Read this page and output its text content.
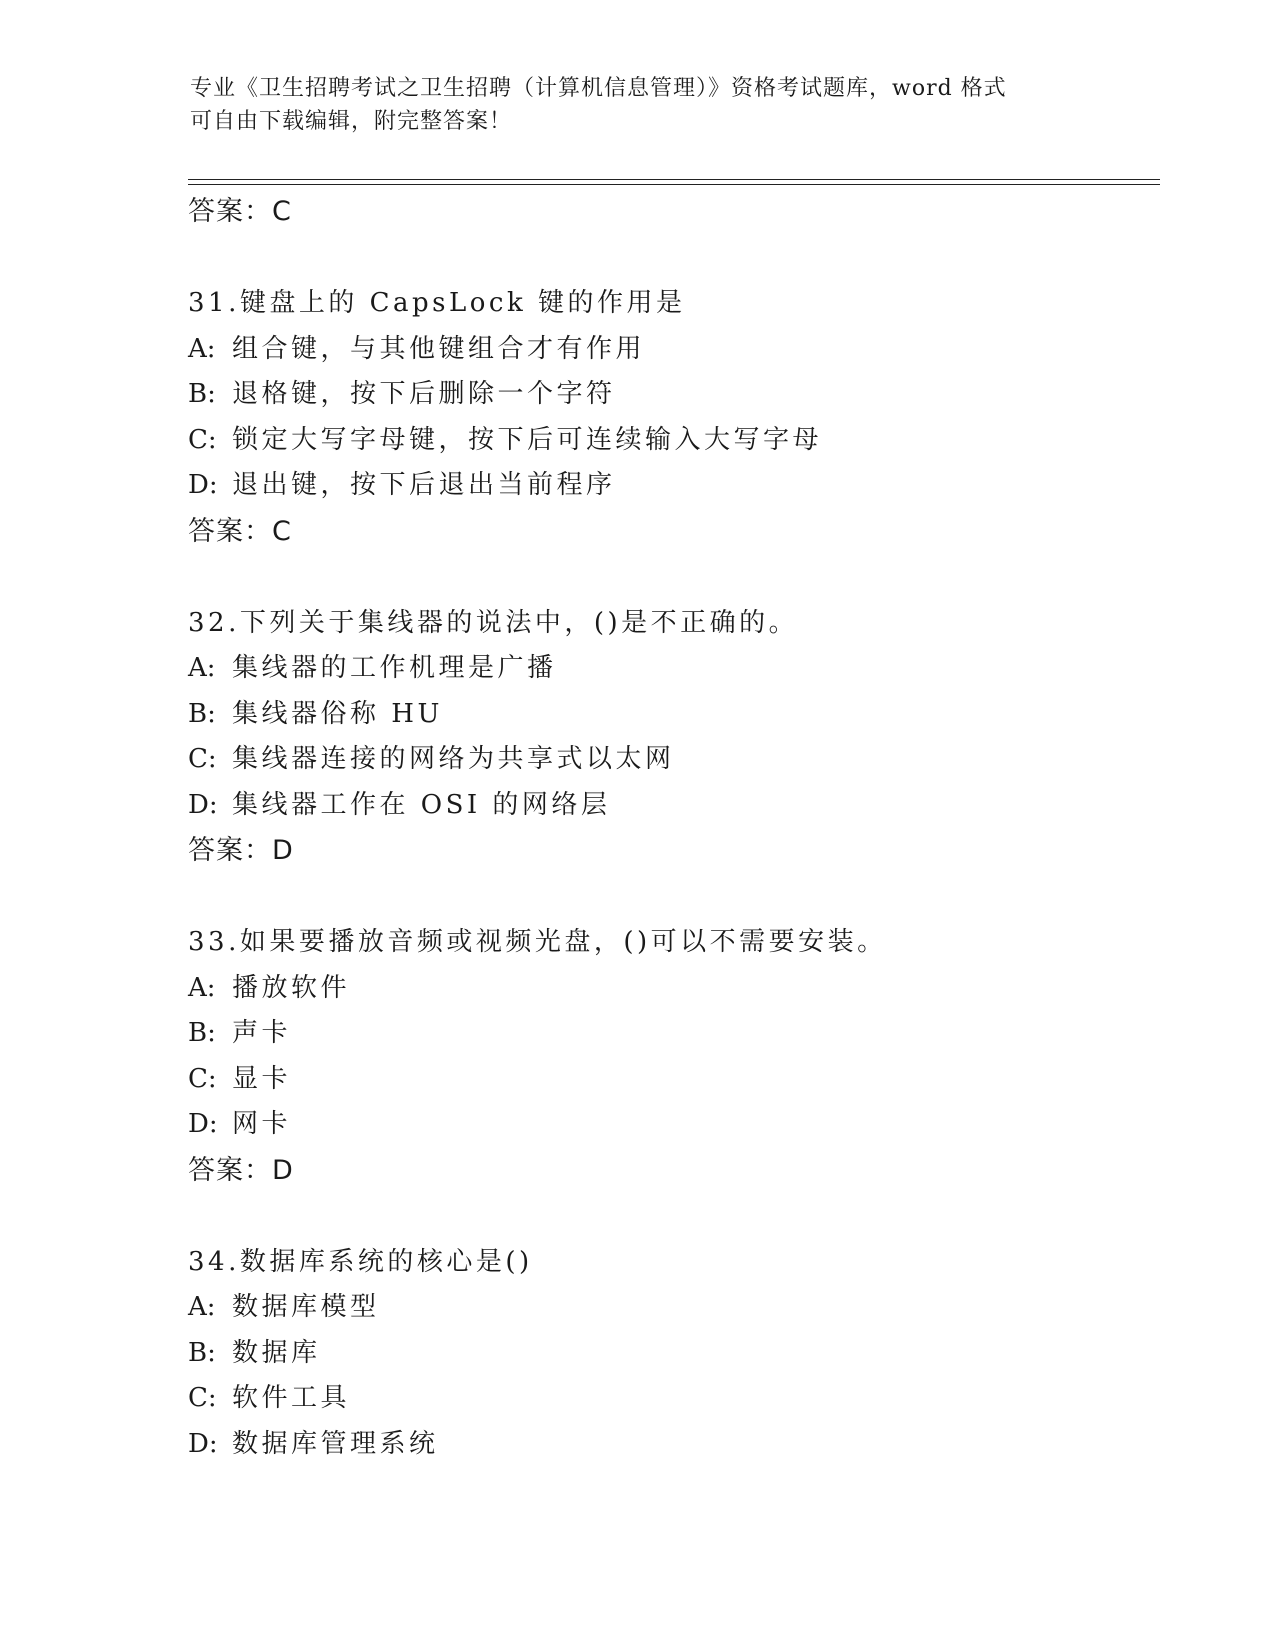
专业《卫生招聘考试之卫生招聘（计算机信息管理）》资格考试题库，word 格式
可自由下载编辑，附完整答案！
答案：C
31.键盘上的 CapsLock 键的作用是
A: 组合键，与其他键组合才有作用
B: 退格键，按下后删除一个字符
C: 锁定大写字母键，按下后可连续输入大写字母
D: 退出键，按下后退出当前程序
答案：C
32.下列关于集线器的说法中，()是不正确的。
A: 集线器的工作机理是广播
B: 集线器俗称 HU
C: 集线器连接的网络为共享式以太网
D: 集线器工作在 OSI 的网络层
答案：D
33.如果要播放音频或视频光盘，()可以不需要安装。
A: 播放软件
B: 声卡
C: 显卡
D: 网卡
答案：D
34.数据库系统的核心是()
A: 数据库模型
B: 数据库
C: 软件工具
D: 数据库管理系统
